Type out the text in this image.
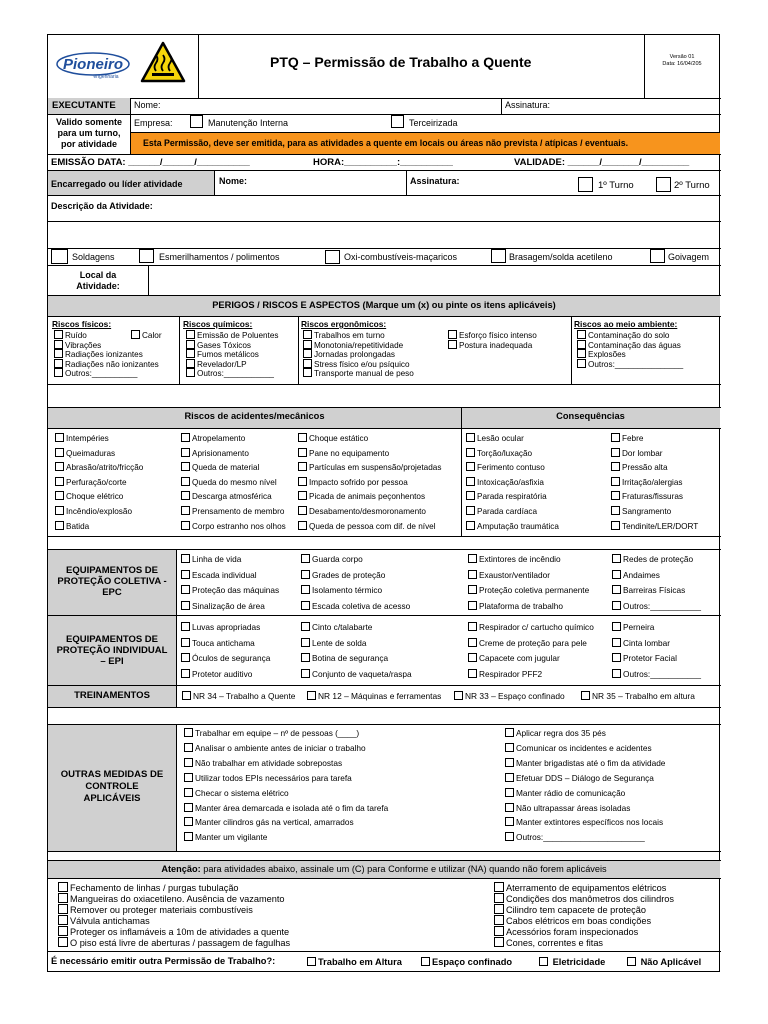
Pioneiro
engenharia
PTQ – Permissão de Trabalho a Quente	Versão 01
Data: 16/04/205
EXECUTANTE Nome:	Assinatura:
Valido somente
para um turno,
por atividade
Empresa:	Manutenção Interna	Terceirizada
Esta Permissão, deve ser emitida, para as atividades a quente em locais ou áreas não prevista / atípicas / eventuais.
EMISSÃO DATA: ______/______/__________	HORA:__________:__________	VALIDADE: ______/_______/_________
Encarregado ou líder atividade	Nome:	Assinatura:	1º Turno	2º Turno
Descrição da Atividade:
Soldagens	Esmerilhamentos / polimentos	Oxi-combustíveis-maçaricos	Brasagem/solda acetileno	Goivagem
Local da
Atividade:
PERIGOS / RISCOS E ASPECTOS (Marque um (x) ou pinte os itens aplicáveis)
Riscos físicos:
Ruído
Vibrações
Radiações ionizantes
Radiações não ionizantes
Outros:__________
Calor
Riscos químicos:
Emissão de Poluentes
Gases Tóxicos
Fumos metálicos
Revelador/LP
Outros:___________
Riscos ergonômicos:
Trabalhos em turno
Monotonia/repetitividade
Jornadas prolongadas
Stress físico e/ou psíquico
Transporte manual de peso
Esforço físico intenso
Postura inadequada
Riscos ao meio ambiente:
Contaminação do solo
Contaminação das águas
Explosões
Outros:_______________
Riscos de acidentes/mecânicos	Consequências
Intempéries
Queimaduras
Abrasão/atrito/fricção
Perfuração/corte
Choque elétrico
Incêndio/explosão
Batida
Atropelamento
Aprisionamento
Queda de material
Queda do mesmo nível
Descarga atmosférica
Prensamento de membro
Corpo estranho nos olhos
Choque estático
Pane no equipamento
Partículas em suspensão/projetadas
Impacto sofrido por pessoa
Picada de animais peçonhentos
Desabamento/desmoronamento
Queda de pessoa com dif. de nível
Lesão ocular
Torção/luxação
Ferimento contuso
Intoxicação/asfixia
Parada respiratória
Parada cardíaca
Amputação traumática
Febre
Dor lombar
Pressão alta
Irritação/alergias
Fraturas/fissuras
Sangramento
Tendinite/LER/DORT
EQUIPAMENTOS DE
PROTEÇÃO COLETIVA -
EPC
Linha de vida
Escada individual
Proteção das máquinas
Sinalização de área
Guarda corpo
Grades de proteção
Isolamento térmico
Escada coletiva de acesso
Extintores de incêndio
Exaustor/ventilador
Proteção coletiva permanente
Plataforma de trabalho
Redes de proteção
Andaimes
Barreiras Físicas
Outros:___________
EQUIPAMENTOS DE
PROTEÇÃO INDIVIDUAL
– EPI
Luvas apropriadas
Touca antichama
Óculos de segurança
Protetor auditivo
Cinto c/talabarte
Lente de solda
Botina de segurança
Conjunto de vaqueta/raspa
Respirador c/ cartucho químico
Creme de proteção para pele
Capacete com jugular
Respirador PFF2
Perneira
Cinta lombar
Protetor Facial
Outros:___________
TREINAMENTOS	NR 34 – Trabalho a Quente	NR 12 – Máquinas e ferramentas	NR 33 – Espaço confinado	NR 35 – Trabalho em altura
OUTRAS MEDIDAS DE
CONTROLE
APLICÁVEIS
Trabalhar em equipe – nº de pessoas (____)
Analisar o ambiente antes de iniciar o trabalho
Não trabalhar em atividade sobrepostas
Utilizar todos EPIs necessários para tarefa
Checar o sistema elétrico
Manter área demarcada e isolada até o fim da tarefa
Manter cilindros gás na vertical, amarrados
Manter um vigilante
Aplicar regra dos 35 pés
Comunicar os incidentes e acidentes
Manter brigadistas até o fim da atividade
Efetuar DDS – Diálogo de Segurança
Manter rádio de comunicação
Não ultrapassar áreas isoladas
Manter extintores específicos nos locais
Outros:______________________
Atenção: para atividades abaixo, assinale um (C) para Conforme e utilizar (NA) quando não forem aplicáveis
Fechamento de linhas / purgas tubulação
Mangueiras do oxiacetileno. Ausência de vazamento
Remover ou proteger materiais combustíveis
Válvula antichamas
Proteger os inflamáveis a 10m de atividades a quente
O piso está livre de aberturas / passagem de fagulhas
Aterramento de equipamentos elétricos
Condições dos manômetros dos cilindros
Cilindro tem capacete de proteção
Cabos elétricos em boas condições
Acessórios foram inspecionados
Cones, correntes e fitas
É necessário emitir outra Permissão de Trabalho?:	Trabalho em Altura	Espaço confinado	Eletricidade	Não Aplicável
